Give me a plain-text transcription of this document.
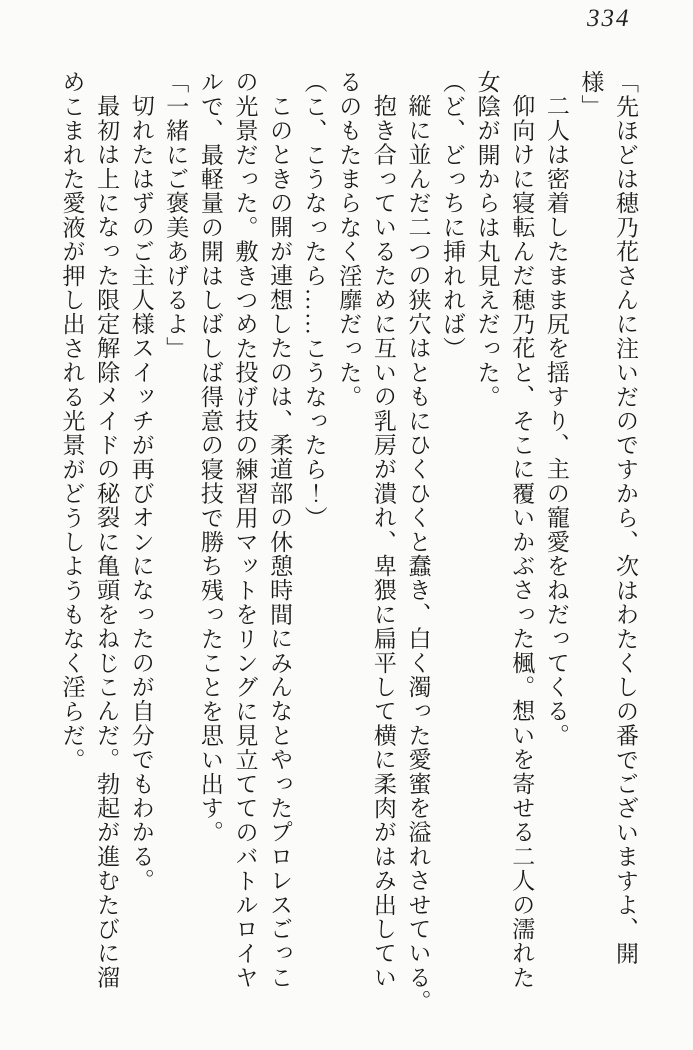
334
「先ほどは穂乃花さんに注いだのですから、次はわたくしの番でございますよ、開
様」
二人は密着したまま尻を揺すり、主の寵愛をねだってくる。
仰向けに寝転んだ穂乃花と、そこに覆いかぶさった楓。想いを寄せる二人の濡れた
女陰が開からは丸見えだった。
（ど、どっちに挿れれば）
縦に並んだ二つの狭穴はともにひくひくと蠢き、白く濁った愛蜜を溢れさせている。
抱き合っているために互いの乳房が潰れ、卑猥に扁平して横に柔肉がはみ出してい
るのもたまらなく淫靡だった。
（こ、こうなったら……こうなったら！）
このときの開が連想したのは、柔道部の休憩時間にみんなとやったプロレスごっこ
の光景だった。敷きつめた投げ技の練習用マットをリングに見立ててのバトルロイヤ
ルで、最軽量の開はしばしば得意の寝技で勝ち残ったことを思い出す。
「一緒にご褒美あげるよ」
切れたはずのご主人様スイッチが再びオンになったのが自分でもわかる。
最初は上になった限定解除メイドの秘裂に亀頭をねじこんだ。勃起が進むたびに溜
めこまれた愛液が押し出される光景がどうしようもなく淫らだ。
